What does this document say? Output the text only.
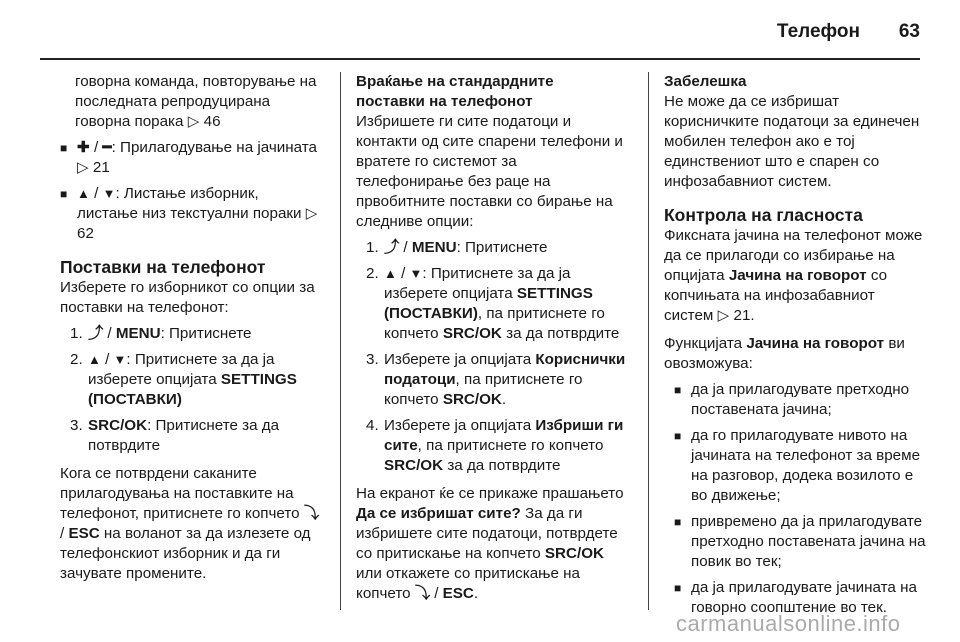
Телефон	63

говорна команда, повторување на последната репродуцирана говорна порака ▷ 46

■ ✚ / ━: Прилагодување на јачината ▷ 21
■ ▲ / ▼: Листање изборник, листање низ текстуални пораки ▷ 62

Поставки на телефонот

Изберете го изборникот со опции за поставки на телефонот:

1. ⤴ / MENU: Притиснете
2. ▲ / ▼: Притиснете за да ја изберете опцијата SETTINGS (ПОСТАВКИ)
3. SRC/OK: Притиснете за да потврдите

Кога се потврдени саканите прилагодувања на поставките на телефонот, притиснете го копчето ⤵ / ESC на воланот за да излезете од телефонскиот изборник и да ги зачувате промените.

Враќање на стандардните поставки на телефонот

Избришете ги сите податоци и контакти од сите спарени телефони и вратете го системот за телефонирање без раце на првобитните поставки со бирање на следниве опции:

1. ⤴ / MENU: Притиснете
2. ▲ / ▼: Притиснете за да ја изберете опцијата SETTINGS (ПОСТАВКИ), па притиснете го копчето SRC/OK за да потврдите
3. Изберете ја опцијата Кориснички податоци, па притиснете го копчето SRC/OK.
4. Изберете ја опцијата Избриши ги сите, па притиснете го копчето SRC/OK за да потврдите

На екранот ќе се прикаже прашањето Да се избришат сите? За да ги избришете сите податоци, потврдете со притискање на копчето SRC/OK или откажете со притискање на копчето ⤵ / ESC.

Забелешка

Не може да се избришат корисничките податоци за единечен мобилен телефон ако е тој единствениот што е спарен со инфозабавниот систем.

Контрола на гласноста

Фиксната јачина на телефонот може да се прилагоди со избирање на опцијата Јачина на говорот со копчињата на инфозабавниот систем ▷ 21.

Функцијата Јачина на говорот ви овозможува:

■ да ја прилагодувате претходно поставената јачина;
■ да го прилагодувате нивото на јачината на телефонот за време на разговор, додека возилото е во движење;
■ привремено да ја прилагодувате претходно поставената јачина на повик во тек;
■ да ја прилагодувате јачината на говорно соопштение во тек.
carmanualsonline.info
